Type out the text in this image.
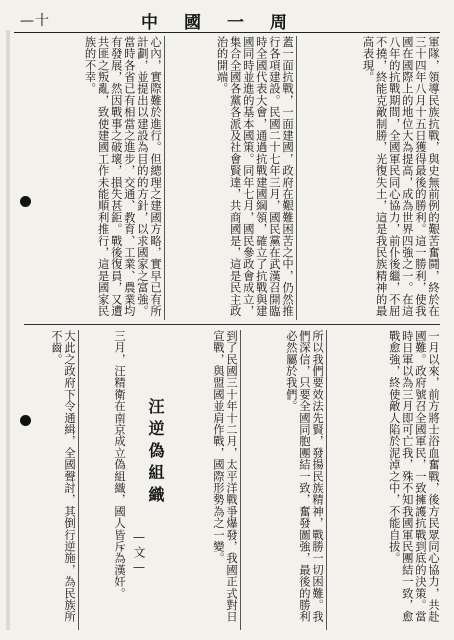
—十	中國一周
軍隊，領導民族抗戰，與史無前例的艱苦奮鬪，終於在三十四年八月十五日獲得最後的勝利。這一勝利，使我國在國際上的地位大為提高，成為世界四強之一。在這八年的抗戰期間，全國軍民同心協力，前仆後繼，不屈不撓，終能克敵制勝，光復失土，這是我民族精神的最高表現。
蓋一面抗戰，一面建國，政府在艱難困苦之中，仍然推行各項建設。民國二十七年三月，國民黨在武漢召開臨時全國代表大會，通過抗戰建國綱領，確立了抗戰與建國同時並進的基本國策。同年七月，國民參政會成立，集合全國各黨各派及社會賢達，共商國是，這是民主政治的開端。
心內，實際難於進行。但總理之建國方略，實早已有所計劃，並提出以建設為目的的方針，以求國家之富強。當時各省已有相當之進步，交通、教育、工業、農業均有發展，然因戰事之破壞，損失甚鉅。戰後復員，又遭共匪之叛亂，致使建國工作未能順利推行，這是國家民族的不幸。
一月以來，前方將士浴血奮戰，後方民眾同心協力，共赴國難。政府號召全國軍民，一致擁護抗戰到底的決策。當時日軍以為三月即可亡我，殊不知我國軍民團結一致，愈戰愈強，終使敵人陷於泥淖之中，不能自拔。
所以我們要效法先賢，發揚民族精神，戰勝一切困難。我們深信，只要全國同胞團結一致，奮發圖強，最後的勝利必然屬於我們。
到了民國三十年十二月，太平洋戰爭爆發，我國正式對日宣戰，與盟國並肩作戰，國際形勢為之一變。
汪逆偽組織
—文—
三月，汪精衛在南京成立偽組織，國人皆斥為漢奸。
大此之政府下令通緝，全國聲討，其倒行逆施，為民族所不齒。
